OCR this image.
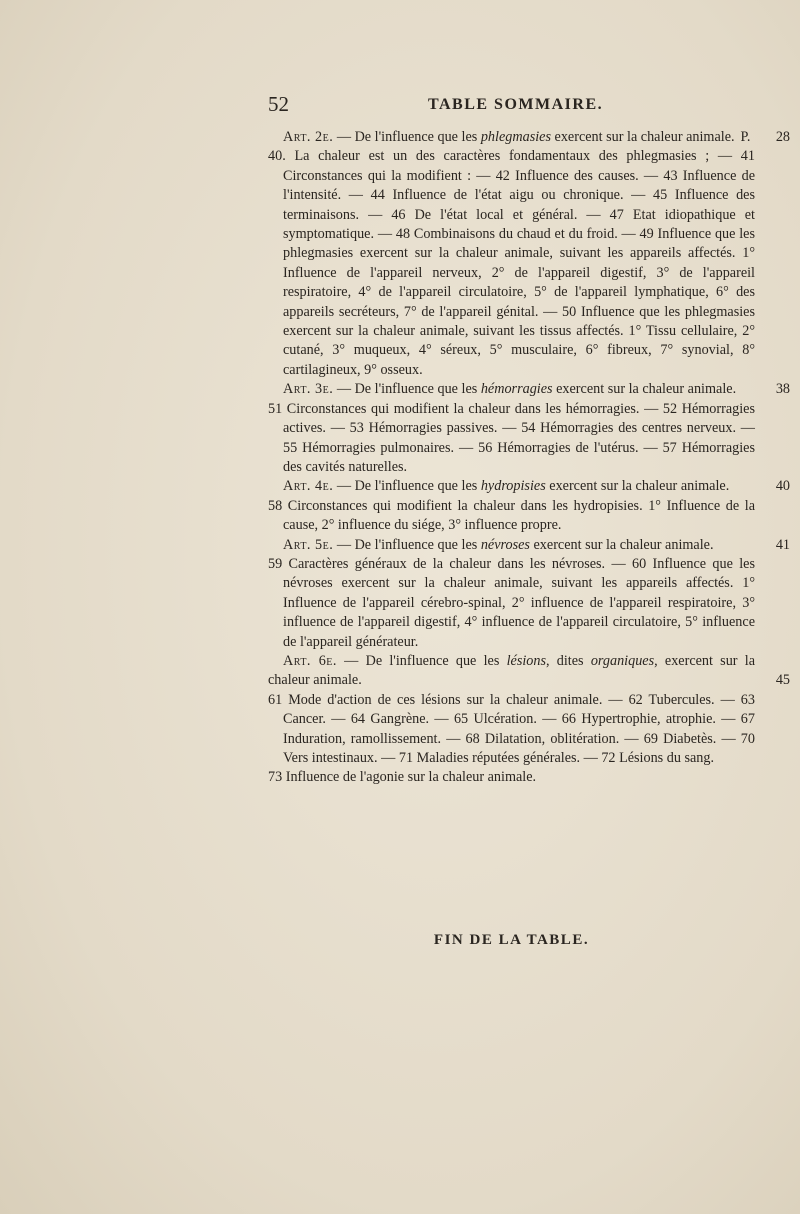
52	TABLE SOMMAIRE.

Art. 2e. — De l'influence que les phlegmasies exercent sur la chaleur animale. P.	28

40. La chaleur est un des caractères fondamentaux des phlegmasies ; — 41 Circonstances qui la modifient : — 42 Influence des causes. — 43 Influence de l'intensité. — 44 Influence de l'état aigu ou chronique. — 45 Influence des terminaisons. — 46 De l'état local et général. — 47 Etat idiopathique et symptomatique. — 48 Combinaisons du chaud et du froid. — 49 Influence que les phlegmasies exercent sur la chaleur animale, suivant les appareils affectés. 1° Influence de l'appareil nerveux, 2° de l'appareil digestif, 3° de l'appareil respiratoire, 4° de l'appareil circulatoire, 5° de l'appareil lymphatique, 6° des appareils secréteurs, 7° de l'appareil génital. — 50 Influence que les phlegmasies exercent sur la chaleur animale, suivant les tissus affectés. 1° Tissu cellulaire, 2° cutané, 3° muqueux, 4° séreux, 5° musculaire, 6° fibreux, 7° synovial, 8° cartilagineux, 9° osseux.

Art. 3e. — De l'influence que les hémorragies exercent sur la chaleur animale.	38

51 Circonstances qui modifient la chaleur dans les hémorragies. — 52 Hémorragies actives. — 53 Hémorragies passives. — 54 Hémorragies des centres nerveux. — 55 Hémorragies pulmonaires. — 56 Hémorragies de l'utérus. — 57 Hémorragies des cavités naturelles.

Art. 4e. — De l'influence que les hydropisies exercent sur la chaleur animale.	40

58 Circonstances qui modifient la chaleur dans les hydropisies. 1° Influence de la cause, 2° influence du siége, 3° influence propre.

Art. 5e. — De l'influence que les névroses exercent sur la chaleur animale.	41

59 Caractères généraux de la chaleur dans les névroses. — 60 Influence que les névroses exercent sur la chaleur animale, suivant les appareils affectés. 1° Influence de l'appareil cérebro-spinal, 2° influence de l'appareil respiratoire, 3° influence de l'appareil digestif, 4° influence de l'appareil circulatoire, 5° influence de l'appareil générateur.

Art. 6e. — De l'influence que les lésions, dites organiques, exercent sur la chaleur animale.	45

61 Mode d'action de ces lésions sur la chaleur animale. — 62 Tubercules. — 63 Cancer. — 64 Gangrène. — 65 Ulcération. — 66 Hypertrophie, atrophie. — 67 Induration, ramollissement. — 68 Dilatation, oblitération. — 69 Diabetès. — 70 Vers intestinaux. — 71 Maladies réputées générales. — 72 Lésions du sang.

73 Influence de l'agonie sur la chaleur animale.

FIN DE LA TABLE.
